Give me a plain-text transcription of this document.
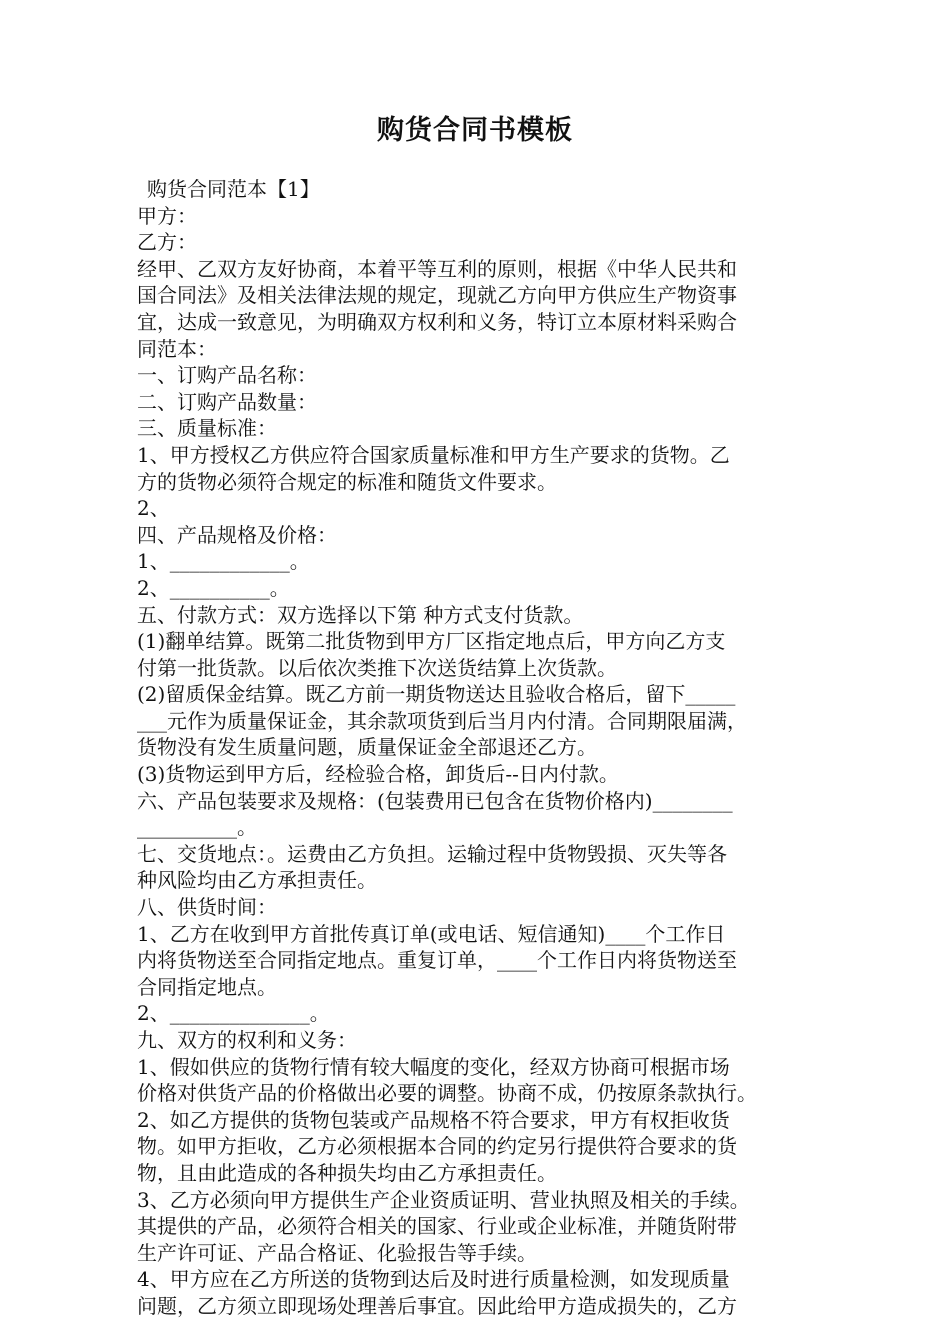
购货合同书模板

购货合同范本【1】

甲方：

乙方：

经甲、乙双方友好协商，本着平等互利的原则，根据《中华人民共和

国合同法》及相关法律法规的规定，现就乙方向甲方供应生产物资事

宜，达成一致意见，为明确双方权利和义务，特订立本原材料采购合

同范本：

一、订购产品名称：

二、订购产品数量：

三、质量标准：

1、甲方授权乙方供应符合国家质量标准和甲方生产要求的货物。乙

方的货物必须符合规定的标准和随货文件要求。

2、

四、产品规格及价格：

1、____________。

2、__________。

五、付款方式：双方选择以下第 种方式支付货款。

(1)翻单结算。既第二批货物到甲方厂区指定地点后，甲方向乙方支

付第一批货款。以后依次类推下次送货结算上次货款。

(2)留质保金结算。既乙方前一期货物送达且验收合格后，留下_____

___元作为质量保证金，其余款项货到后当月内付清。合同期限届满，

货物没有发生质量问题，质量保证金全部退还乙方。

(3)货物运到甲方后，经检验合格，卸货后--日内付款。

六、产品包装要求及规格：(包装费用已包含在货物价格内)________

__________。

七、交货地点：。运费由乙方负担。运输过程中货物毁损、灭失等各

种风险均由乙方承担责任。

八、供货时间：

1、乙方在收到甲方首批传真订单(或电话、短信通知)____个工作日

内将货物送至合同指定地点。重复订单，____个工作日内将货物送至

合同指定地点。

2、______________。

九、双方的权利和义务：

1、假如供应的货物行情有较大幅度的变化，经双方协商可根据市场

价格对供货产品的价格做出必要的调整。协商不成，仍按原条款执行。

2、如乙方提供的货物包装或产品规格不符合要求，甲方有权拒收货

物。如甲方拒收，乙方必须根据本合同的约定另行提供符合要求的货

物，且由此造成的各种损失均由乙方承担责任。

3、乙方必须向甲方提供生产企业资质证明、营业执照及相关的手续。

其提供的产品，必须符合相关的国家、行业或企业标准，并随货附带

生产许可证、产品合格证、化验报告等手续。

4、甲方应在乙方所送的货物到达后及时进行质量检测，如发现质量

问题，乙方须立即现场处理善后事宜。因此给甲方造成损失的，乙方
